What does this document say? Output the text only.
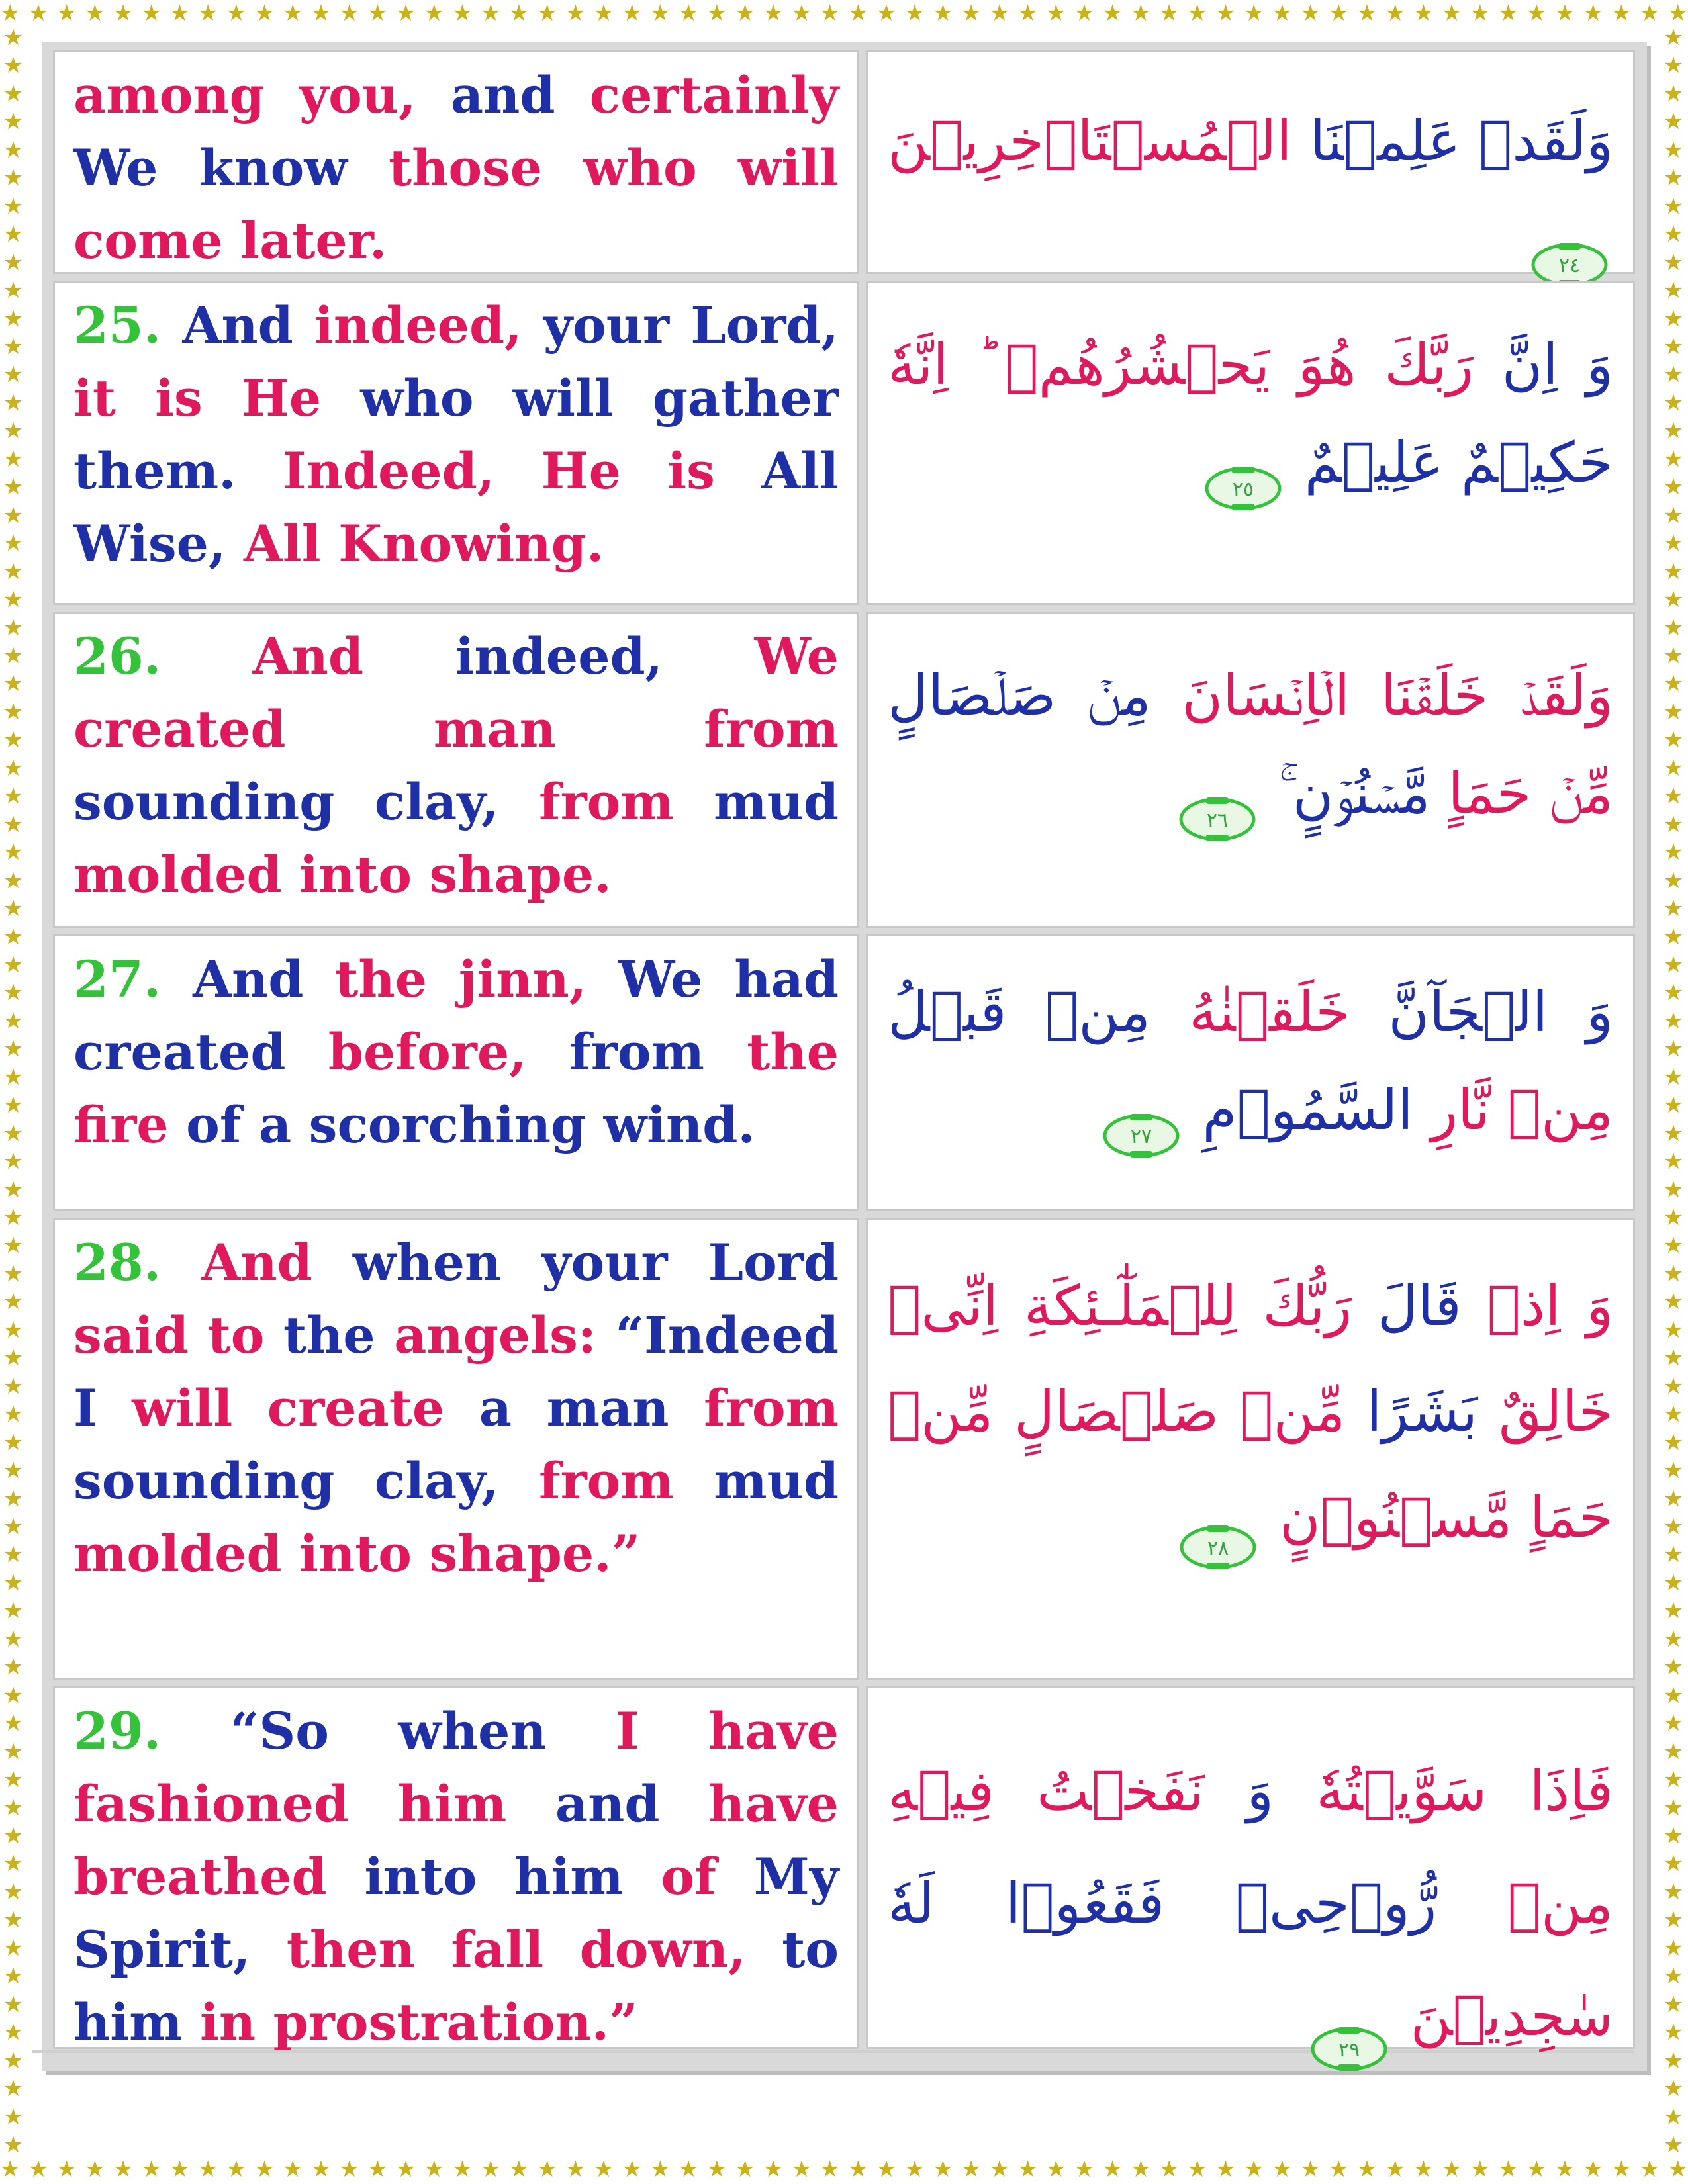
★ ★ ★ ★ ★ ★ ★ ★ ★ ★ ★ ★ ★ ★ ★ ★ ★ ★ ★ ★ ★ ★ ★ ★ ★ ★ ★ ★ ★ ★ ★ ★ ★ ★ ★ ★ ★ ★ ★ ★ ★ ★ ★ ★ ★ ★ ★ ★ ★ ★ ★ ★ ★ ★ ★ ★ ★ ★ ★ ★
★ ★ ★ ★ ★ ★ ★ ★ ★ ★ ★ ★ ★ ★ ★ ★ ★ ★ ★ ★ ★ ★ ★ ★ ★ ★ ★ ★ ★ ★ ★ ★ ★ ★ ★ ★ ★ ★ ★ ★ ★ ★ ★ ★ ★ ★ ★ ★ ★ ★ ★ ★ ★ ★ ★ ★ ★ ★ ★ ★
★
★
★
★
★
★
★
★
★
★
★
★
★
★
★
★
★
★
★
★
★
★
★
★
★
★
★
★
★
★
★
★
★
★
★
★
★
★
★
★
★
★
★
★
★
★
★
★
★
★
★
★
★
★
★
★
★
★
★
★
★
★
★
★
★
★
★
★
★
★
★
★
★
★
★
★
★
★
★
★
★
★
★
★
★
★
★
★
★
★
★
★
★
★
★
★
★
★
★
★
★
★
★
★
★
★
★
★
★
★
★
★
★
★
★
★
★
★
★
★
★
★
★
★
★
★
★
★
★
★
★
★
★
★
★
★
★
★
★
★
★
★
★
★
★
★
★
★
★
★
★
★

among you, and certainly We know those who will come later.

وَلَقَدۡ عَلِمۡنَا الۡمُسۡتَاۡخِرِيۡنَ
٢٤

25. And indeed, your Lord, it is He who will gather them. Indeed, He is All Wise, All Knowing.

وَ اِنَّ رَبَّكَ هُوَ يَحۡشُرُهُمۡ ؕ اِنَّهٗ حَكِيۡمٌ عَلِيۡمٌ
٢٥

26. And indeed, We created man	from sounding clay, from mud molded into shape.

وَلَقَدۡ خَلَقۡنَا الۡاِنۡسَانَ مِنۡ صَلۡصَالٍ مِّنۡ حَمَاٍ مَّسۡنُوۡنٍ ۚ
٢٦

27. And the jinn, We had created before, from the fire of a scorching wind.

وَ الۡجَآنَّ خَلَقۡنٰهُ مِنۡ قَبۡلُ مِنۡ نَّارِ السَّمُوۡمِ
٢٧

28. And when your Lord said to the angels: “Indeed I will create a man from sounding clay, from mud molded into shape.”

وَ اِذۡ قَالَ رَبُّكَ لِلۡمَلٰٓـئِكَةِ اِنِّىۡ خَالِقٌ بَشَرًا مِّنۡ صَلۡصَالٍ مِّنۡ حَمَاٍ مَّسۡنُوۡنٍ
٢٨

29. “So when I have fashioned him and have breathed into him of My Spirit, then fall down, to him in prostration.”

فَاِذَا سَوَّيۡتُهٗ وَ نَفَخۡتُ فِيۡهِ مِنۡ رُّوۡحِىۡ فَقَعُوۡا لَهٗ سٰجِدِيۡنَ
٢٩
